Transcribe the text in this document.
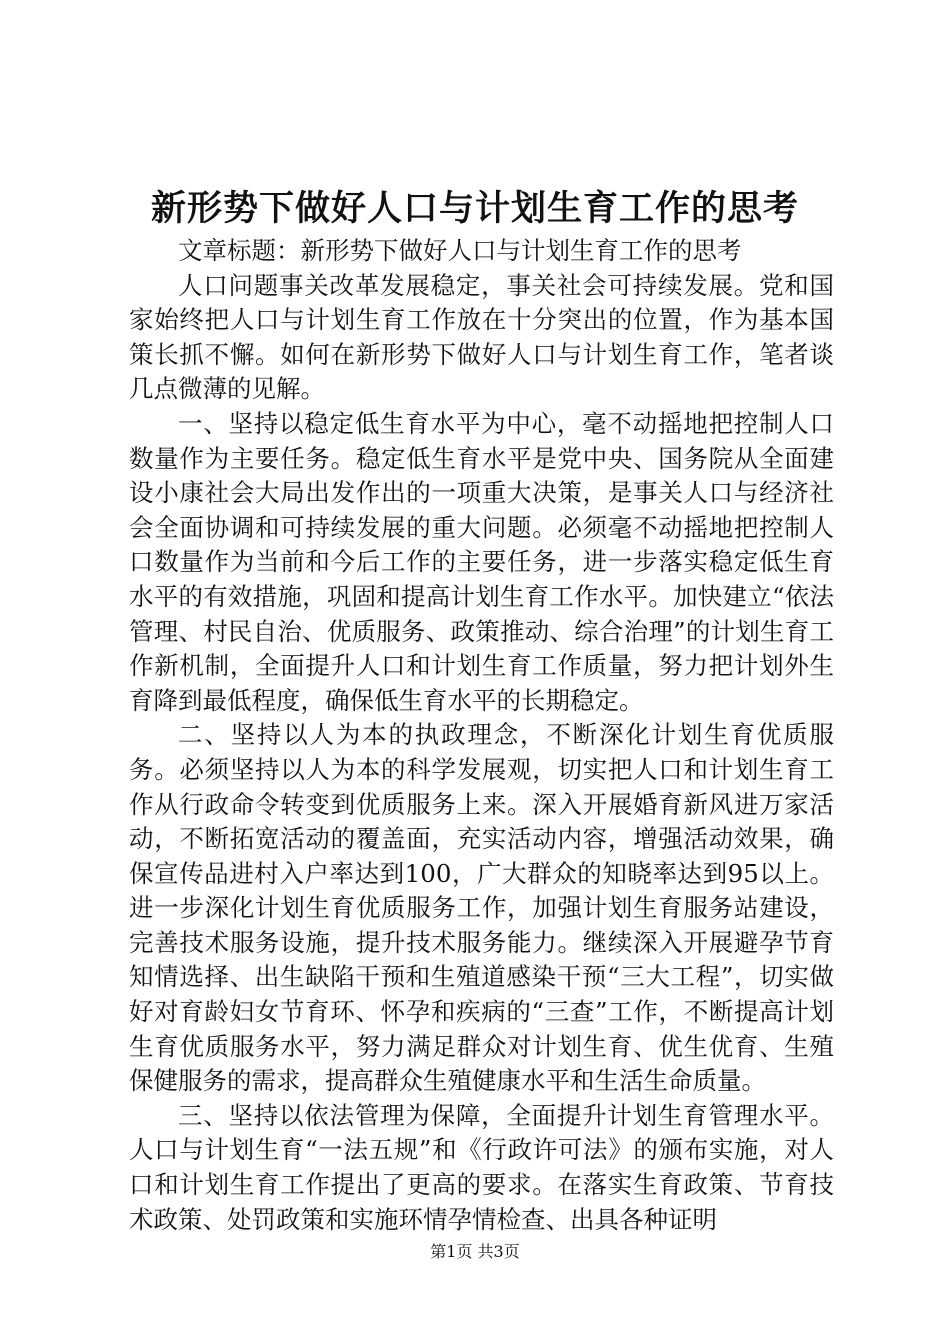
新形势下做好人口与计划生育工作的思考

文章标题：新形势下做好人口与计划生育工作的思考

人口问题事关改革发展稳定，事关社会可持续发展。党和国家始终把人口与计划生育工作放在十分突出的位置，作为基本国策长抓不懈。如何在新形势下做好人口与计划生育工作，笔者谈几点微薄的见解。

一、坚持以稳定低生育水平为中心，毫不动摇地把控制人口数量作为主要任务。稳定低生育水平是党中央、国务院从全面建设小康社会大局出发作出的一项重大决策，是事关人口与经济社会全面协调和可持续发展的重大问题。必须毫不动摇地把控制人口数量作为当前和今后工作的主要任务，进一步落实稳定低生育水平的有效措施，巩固和提高计划生育工作水平。加快建立“依法管理、村民自治、优质服务、政策推动、综合治理”的计划生育工作新机制，全面提升人口和计划生育工作质量，努力把计划外生育降到最低程度，确保低生育水平的长期稳定。

二、坚持以人为本的执政理念，不断深化计划生育优质服务。必须坚持以人为本的科学发展观，切实把人口和计划生育工作从行政命令转变到优质服务上来。深入开展婚育新风进万家活动，不断拓宽活动的覆盖面，充实活动内容，增强活动效果，确保宣传品进村入户率达到100，广大群众的知晓率达到95以上。进一步深化计划生育优质服务工作，加强计划生育服务站建设，完善技术服务设施，提升技术服务能力。继续深入开展避孕节育知情选择、出生缺陷干预和生殖道感染干预“三大工程”，切实做好对育龄妇女节育环、怀孕和疾病的“三查”工作，不断提高计划生育优质服务水平，努力满足群众对计划生育、优生优育、生殖保健服务的需求，提高群众生殖健康水平和生活生命质量。

三、坚持以依法管理为保障，全面提升计划生育管理水平。人口与计划生育“一法五规”和《行政许可法》的颁布实施，对人口和计划生育工作提出了更高的要求。在落实生育政策、节育技术政策、处罚政策和实施环情孕情检查、出具各种证明

第1页 共3页
